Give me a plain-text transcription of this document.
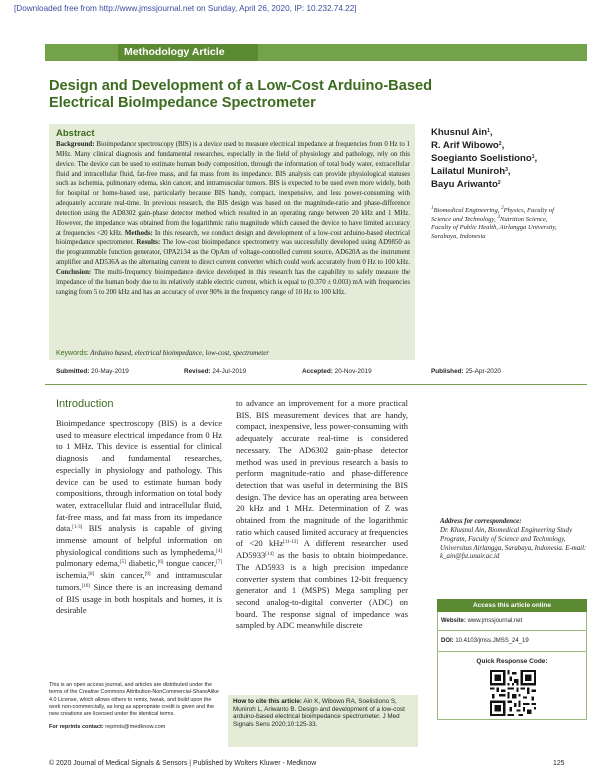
[Downloaded free from http://www.jmssjournal.net on Sunday, April 26, 2020, IP: 10.232.74.22]
Methodology Article
Design and Development of a Low-Cost Arduino-Based Electrical BioImpedance Spectrometer
Abstract
Background: Bioimpedance spectroscopy (BIS) is a device used to measure electrical impedance at frequencies from 0 Hz to 1 MHz. Many clinical diagnosis and fundamental researches, especially in the field of physiology and pathology, rely on this device. The device can be used to estimate human body composition, through the information of total body water, extracellular fluid and intracellular fluid, fat-free mass, and fat mass from its impedance. BIS analysis can provide physiological statuses such as ischemia, pulmonary edema, skin cancer, and intramuscular tumors. BIS is expected to be used even more widely, both for hospital or home-based use, particularly because BIS handy, compact, inexpensive, and less power-consuming with adequately accurate real-time. In previous research, the BIS design was based on the magnitude-ratio and phase-difference detection using the AD8302 gain-phase detector method which resulted in an operating range between 20 kHz and 1 MHz. However, the impedance was obtained from the logarithmic ratio magnitude which caused the device to have limited accuracy at frequencies <20 kHz. Methods: In this research, we conduct design and development of a low-cost arduino-based electrical bioimpedance spectrometer. Results: The low-cost bioimpedance spectrometry was successfully developed using AD9850 as the programmable function generator, OPA2134 as the OpAm of voltage-controlled current source, AD620A as the instrument amplifier and AD536A as the alternating current to direct current converter which could work accurately from 0 Hz to 100 kHz. Conclusion: The multi-frequency bioimpedance device developed in this research has the capability to safely measure the impedance of the human body due to its relatively stable electric current, which is equal to (0.370 ± 0.003) mA with frequencies ranging from 5 to 200 kHz and has an accuracy of over 90% in the frequency range of 10 Hz to 100 kHz.
Keywords: Arduino based, electrical bioimpedance, low-cost, spectrometer
Khusnul Ain$^1$,
R. Arif Wibowo$^2$,
Soegianto Soelistiono$^1$,
Lailatul Muniroh$^3$,
Bayu Ariwanto$^2$
$^1$Biomedical Engineering, $^2$Physics, Faculty of Science and Technology, $^3$Nutrition Science, Faculty of Public Health, Airlangga University, Surabaya, Indonesia
Submitted: 20-May-2019	Revised: 24-Jul-2019	Accepted: 20-Nov-2019	Published: 25-Apr-2020
Introduction
Bioimpedance spectroscopy (BIS) is a device used to measure electrical impedance from 0 Hz to 1 MHz. This device is essential for clinical diagnosis and fundamental researches, especially in physiology and pathology. This device can be used to estimate human body compositions, through information on total body water, extracellular fluid and intracellular fluid, fat-free mass, and fat mass from its impedance data.[1-3] BIS analysis is capable of giving immense amount of helpful information on physiological conditions such as lymphedema,[4] pulmonary edema,[5] diabetic,[6] tongue cancer,[7] ischemia,[8] skin cancer,[9] and intramuscular tumors.[10] Since there is an increasing demand of BIS usage in both hospitals and homes, it is desirable
to advance an improvement for a more practical BIS. BIS measurement devices that are handy, compact, inexpensive, less power-consuming with adequately accurate real-time is considered necessary. The AD6302 gain-phase detector method was used in previous research a basis to perform magnitude-ratio and phase-difference detection that was useful in determining the BIS design. The device has an operating area between 20 kHz and 1 MHz. Determination of Z was obtained from the magnitude of the logarithmic ratio which caused limited accuracy at frequencies of <20 kHz[11-13] A different researcher used AD5933[14] as the basis to obtain bioimpedance. The AD5933 is a high precision impedance converter system that combines 12-bit frequency generator and 1 (MSPS) Mega sampling per second analog-to-digital converter (ADC) on board. The response signal of impedance was sampled by ADC meanwhile discrete
Address for correspondence:
Dr. Khusnul Ain, Biomedical Engineering Study Program, Faculty of Science and Technology, Universitas Airlangga, Surabaya, Indonesia. E-mail: k_ain@fst.unair.ac.id
Access this article online
Website: www.jmssjournal.net
DOI: 10.4103/jmss.JMSS_24_19
Quick Response Code:
This is an open access journal, and articles are distributed under the terms of the Creative Commons Attribution-NonCommercial-ShareAlike 4.0 License, which allows others to remix, tweak, and build upon the work non-commercially, as long as appropriate credit is given and the new creations are licensed under the identical terms.
For reprints contact: reprints@medknow.com
How to cite this article: Ain K, Wibowo RA, Soelistiono S, Muniroh L, Ariwanto B. Design and development of a low-cost arduino-based electrical bioimpedance spectrometer. J Med Signals Sens 2020;10:125-33.
© 2020 Journal of Medical Signals & Sensors | Published by Wolters Kluwer - Medknow	125
